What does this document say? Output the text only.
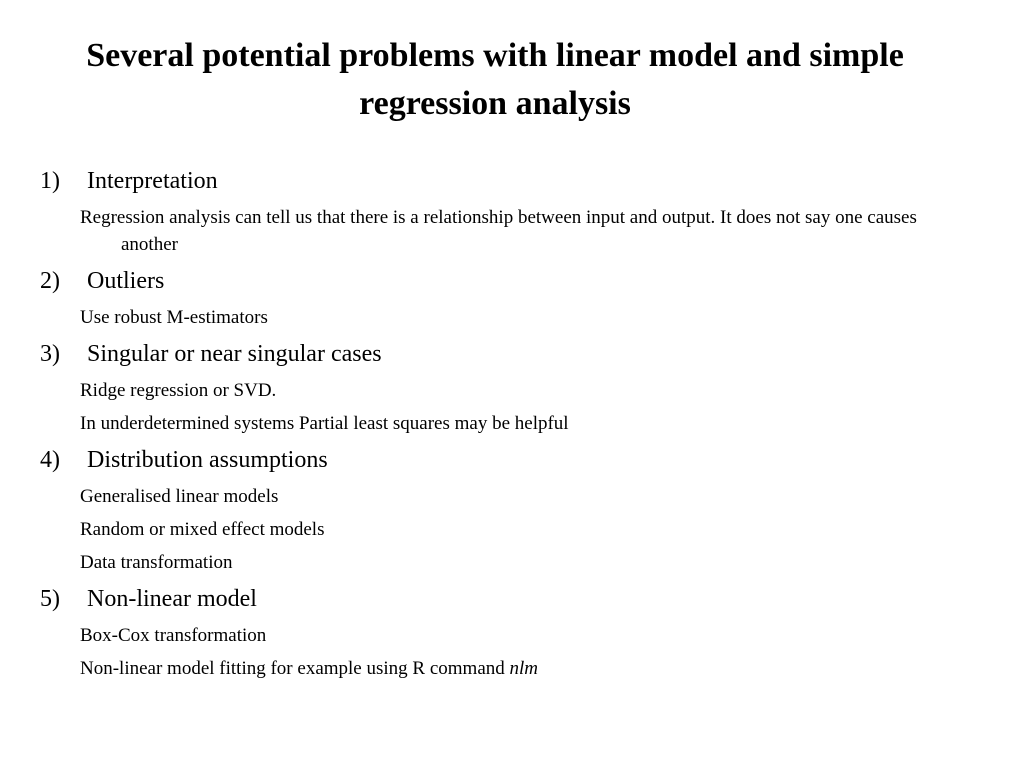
Several potential problems with linear model and simple regression analysis
1)	Interpretation
Regression analysis can tell us that there is a relationship between input and output. It does not say one causes another
2)	Outliers
Use robust M-estimators
3)	Singular or near singular cases
Ridge regression or SVD.
In underdetermined systems Partial least squares may be helpful
4)	Distribution assumptions
Generalised linear models
Random or mixed effect models
Data transformation
5)	Non-linear model
Box-Cox transformation
Non-linear model fitting for example using R command nlm
